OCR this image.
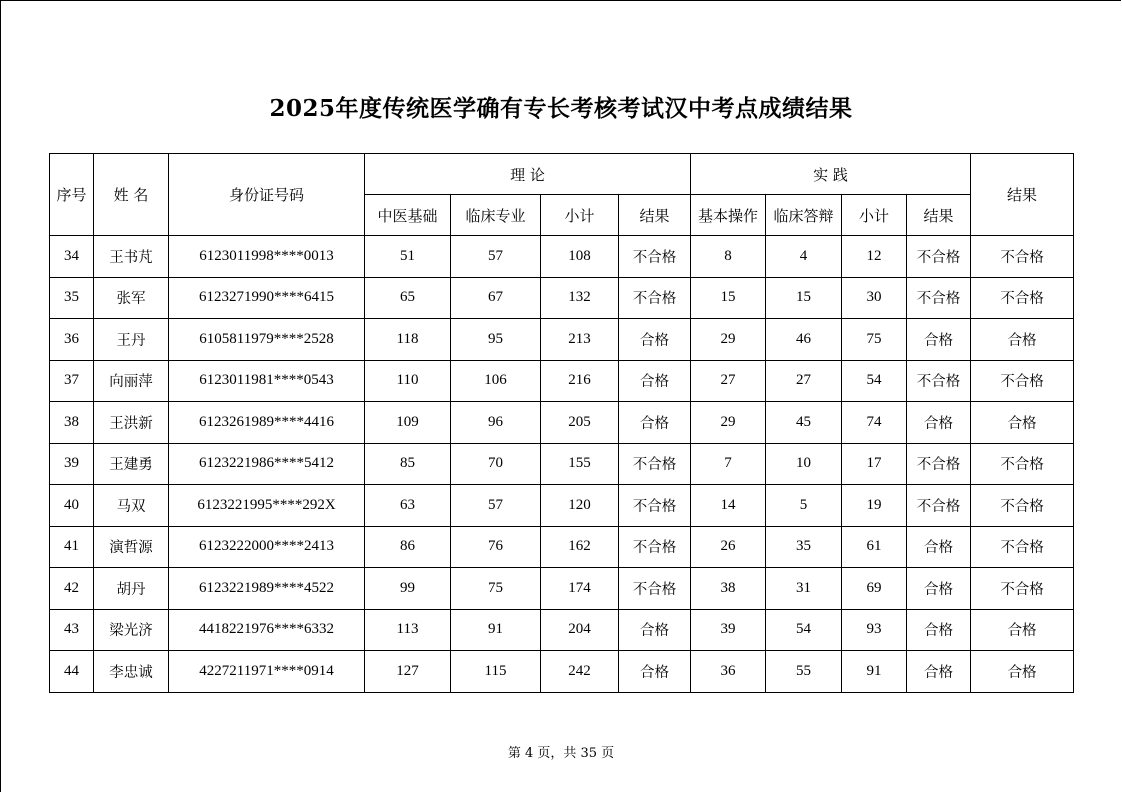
2025年度传统医学确有专长考核考试汉中考点成绩结果
序号	姓 名	身份证号码	理 论				实 践				结果
			中医基础	临床专业	小计	结果	基本操作	临床答辩	小计	结果	
34	王书芃	6123011998****0013	51	57	108	不合格	8	4	12	不合格	不合格
35	张军	6123271990****6415	65	67	132	不合格	15	15	30	不合格	不合格
36	王丹	6105811979****2528	118	95	213	合格	29	46	75	合格	合格
37	向丽萍	6123011981****0543	110	106	216	合格	27	27	54	不合格	不合格
38	王洪新	6123261989****4416	109	96	205	合格	29	45	74	合格	合格
39	王建勇	6123221986****5412	85	70	155	不合格	7	10	17	不合格	不合格
40	马双	6123221995****292X	63	57	120	不合格	14	5	19	不合格	不合格
41	演哲源	6123222000****2413	86	76	162	不合格	26	35	61	合格	不合格
42	胡丹	6123221989****4522	99	75	174	不合格	38	31	69	合格	不合格
43	梁光济	4418221976****6332	113	91	204	合格	39	54	93	合格	合格
44	李忠诚	4227211971****0914	127	115	242	合格	36	55	91	合格	合格
第 4 页，共 35 页
